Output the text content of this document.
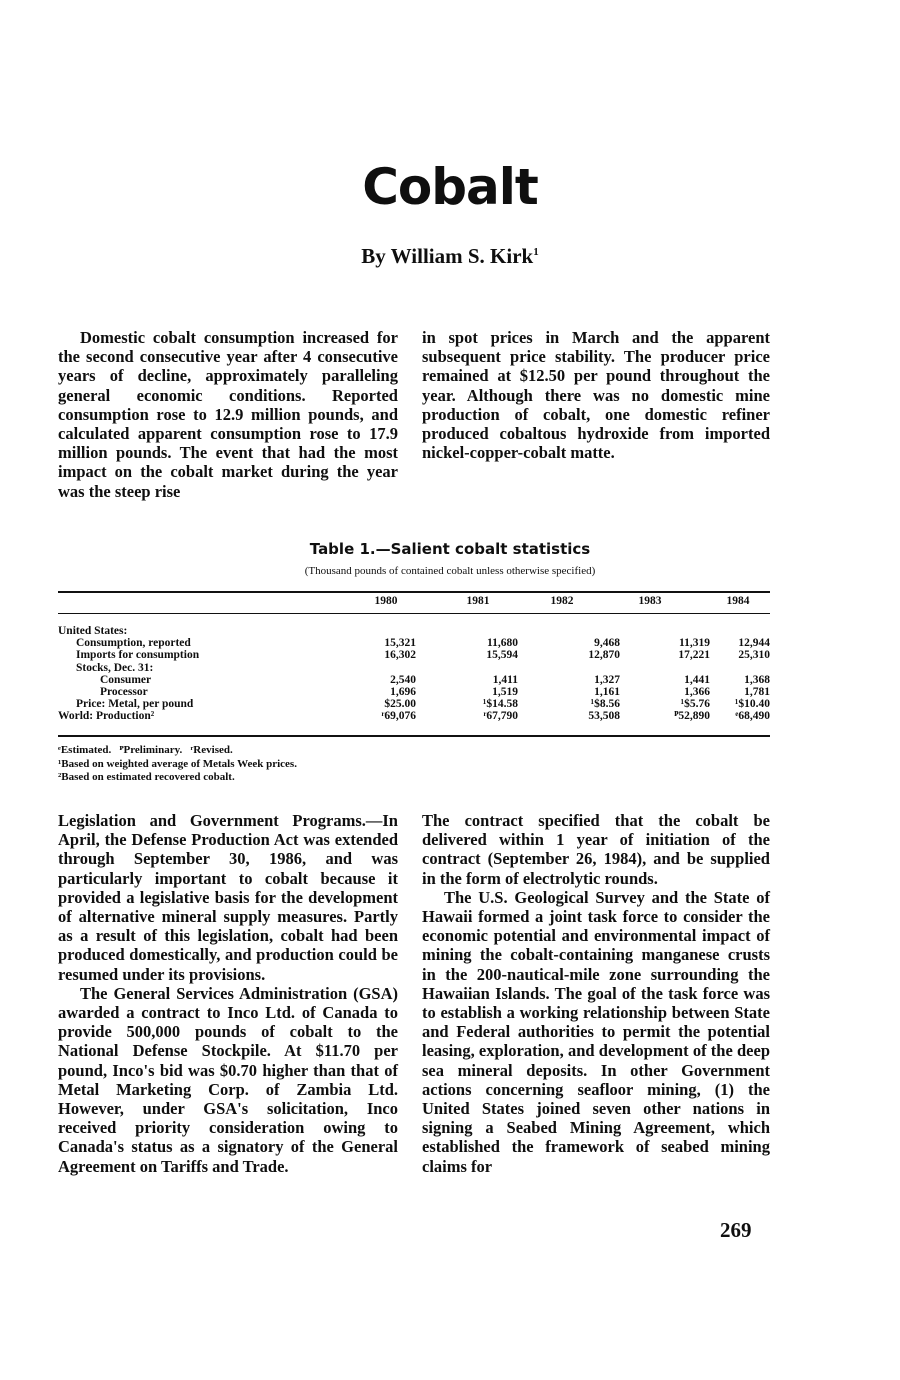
Cobalt
By William S. Kirk$^1$

Domestic cobalt consumption increased for the second consecutive year after 4 consecutive years of decline, approximately paralleling general economic conditions. Reported consumption rose to 12.9 million pounds, and calculated apparent consumption rose to 17.9 million pounds. The event that had the most impact on the cobalt market during the year was the steep rise

in spot prices in March and the apparent subsequent price stability. The producer price remained at $12.50 per pound throughout the year. Although there was no domestic mine production of cobalt, one domestic refiner produced cobaltous hydroxide from imported nickel-copper-cobalt matte.

Table 1.—Salient cobalt statistics
(Thousand pounds of contained cobalt unless otherwise specified)
1980	1981	1982	1983	1984
United States:

Consumption, reported	15,321	11,680	9,468	11,319	12,944
Imports for consumption	16,302	15,594	12,870	17,221	25,310
Stocks, Dec. 31:
Consumer	2,540	1,411	1,327	1,441	1,368
Processor	1,696	1,519	1,161	1,366	1,781
Price: Metal, per pound	$25.00	¹$14.58	¹$8.56	¹$5.76	¹$10.40
World: Production²	ʳ69,076	ʳ67,790	53,508	ᴾ52,890	ᵉ68,490

ᵉEstimated.   ᴾPreliminary.   ʳRevised.

¹Based on weighted average of Metals Week prices.

²Based on estimated recovered cobalt.

Legislation and Government Programs.—In April, the Defense Production Act was extended through September 30, 1986, and was particularly important to cobalt because it provided a legislative basis for the development of alternative mineral supply measures. Partly as a result of this legislation, cobalt had been produced domestically, and production could be resumed under its provisions.

The General Services Administration (GSA) awarded a contract to Inco Ltd. of Canada to provide 500,000 pounds of cobalt to the National Defense Stockpile. At $11.70 per pound, Inco's bid was $0.70 higher than that of Metal Marketing Corp. of Zambia Ltd. However, under GSA's solicitation, Inco received priority consideration owing to Canada's status as a signatory of the General Agreement on Tariffs and Trade.

The contract specified that the cobalt be delivered within 1 year of initiation of the contract (September 26, 1984), and be supplied in the form of electrolytic rounds.

The U.S. Geological Survey and the State of Hawaii formed a joint task force to consider the economic potential and environmental impact of mining the cobalt-containing manganese crusts in the 200-nautical-mile zone surrounding the Hawaiian Islands. The goal of the task force was to establish a working relationship between State and Federal authorities to permit the potential leasing, exploration, and development of the deep sea mineral deposits. In other Government actions concerning seafloor mining, (1) the United States joined seven other nations in signing a Seabed Mining Agreement, which established the framework of seabed mining claims for

269
